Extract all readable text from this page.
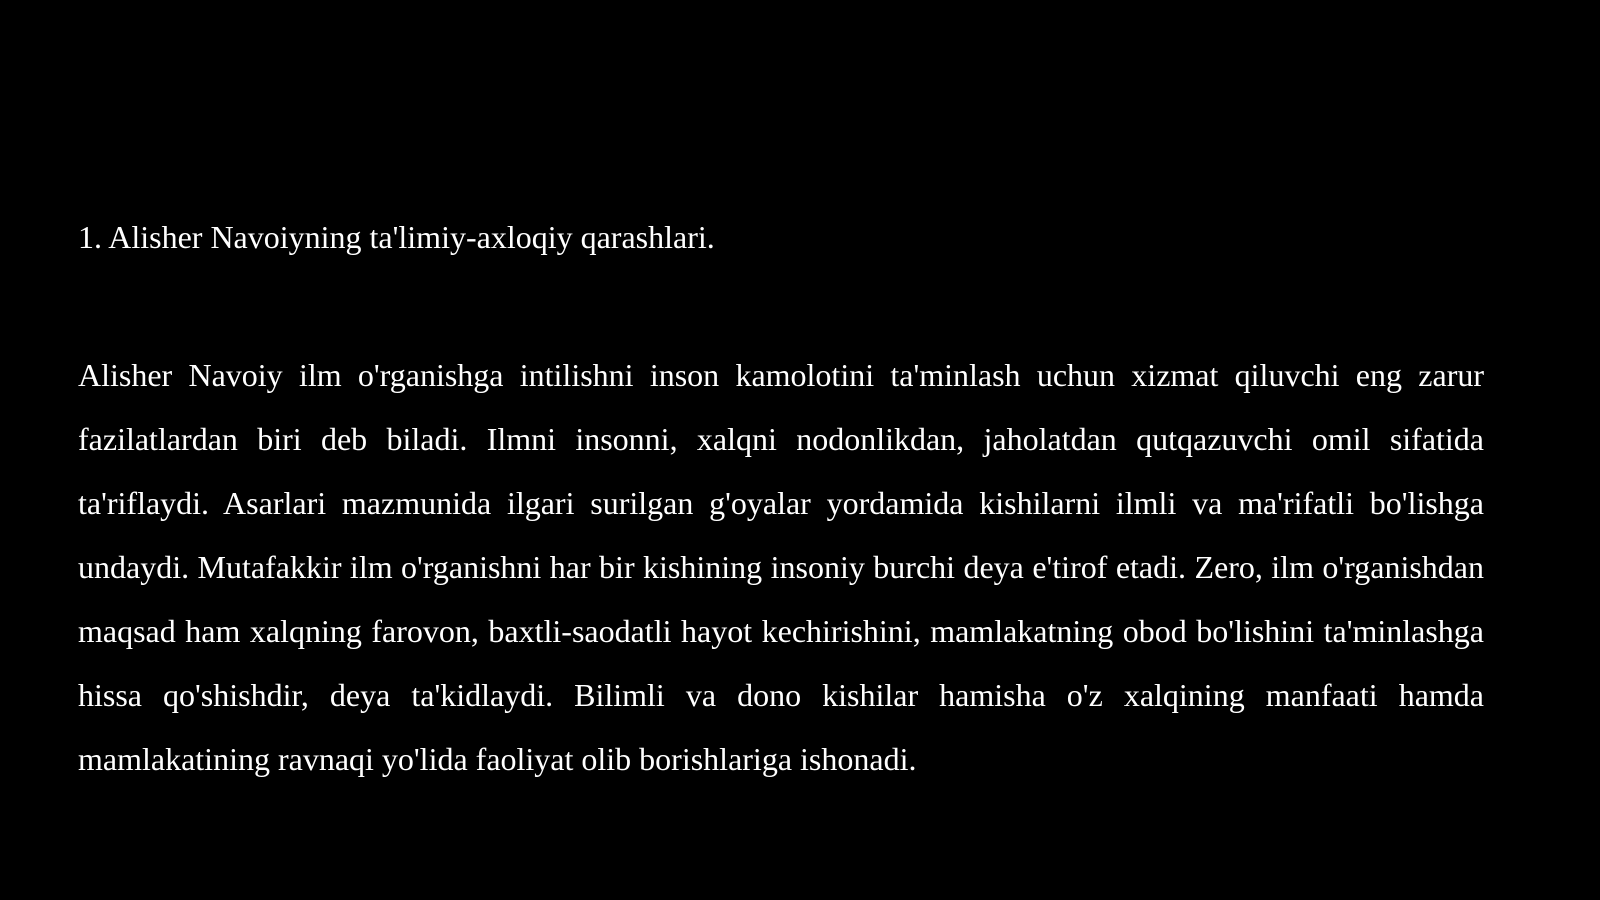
1. Alisher Navoiyning ta'limiy-axloqiy qarashlari.

Alisher Navoiy ilm o'rganishga intilishni inson kamolotini ta'minlash uchun xizmat qiluvchi eng zarur fazilatlardan biri deb biladi. Ilmni insonni, xalqni nodonlikdan, jaholatdan qutqazuvchi omil sifatida ta'riflaydi. Asarlari mazmunida ilgari surilgan g'oyalar yordamida kishilarni ilmli va ma'rifatli bo'lishga undaydi. Mutafakkir ilm o'rganishni har bir kishining insoniy burchi deya e'tirof etadi. Zero, ilm o'rganishdan maqsad ham xalqning farovon, baxtli-saodatli hayot kechirishini, mamlakatning obod bo'lishini ta'minlashga hissa qo'shishdir, deya ta'kidlaydi. Bilimli va dono kishilar hamisha o'z xalqining manfaati hamda mamlakatining ravnaqi yo'lida faoliyat olib borishlariga ishonadi.
